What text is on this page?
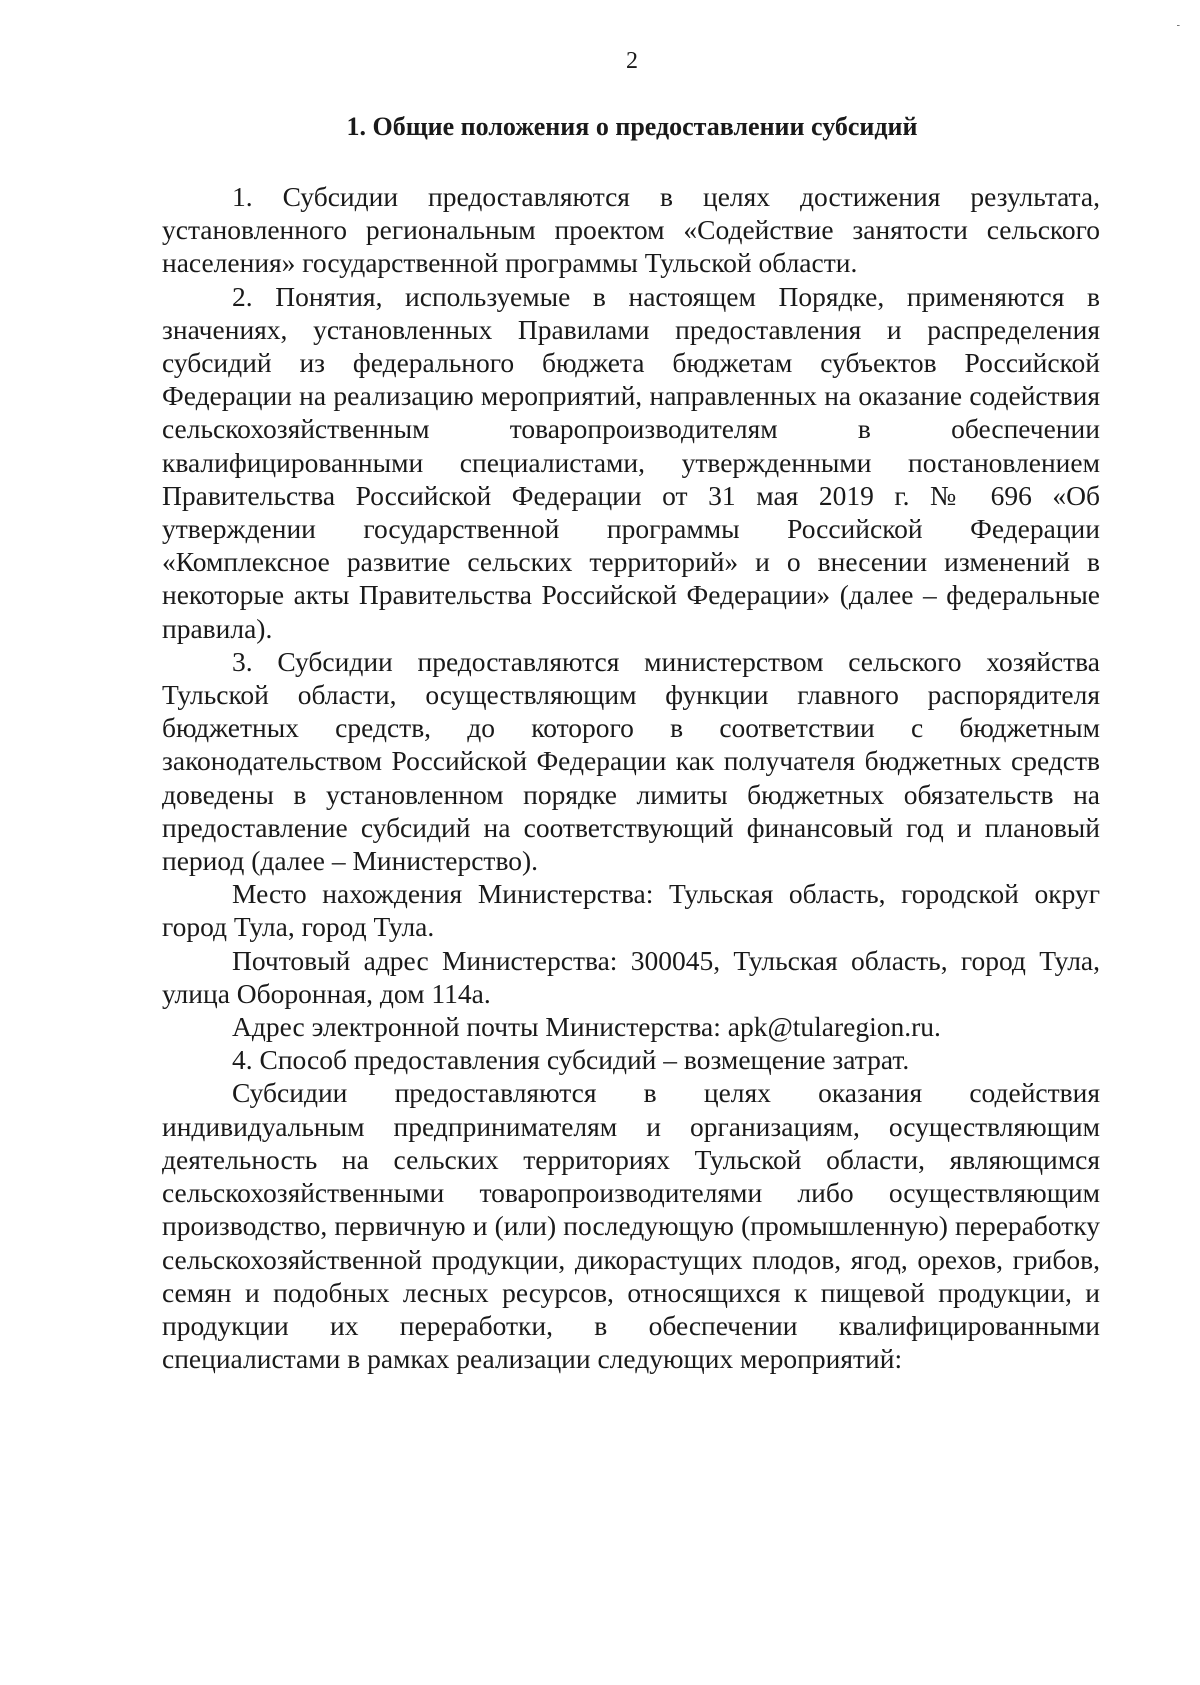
-
2
1. Общие положения о предоставлении субсидий

1. Субсидии предоставляются в целях достижения результата, установленного региональным проектом «Содействие занятости сельского населения» государственной программы Тульской области.

2. Понятия, используемые в настоящем Порядке, применяются в значениях, установленных Правилами предоставления и распределения субсидий из федерального бюджета бюджетам субъектов Российской Федерации на реализацию мероприятий, направленных на оказание содействия сельскохозяйственным товаропроизводителям в обеспечении квалифицированными специалистами, утвержденными постановлением Правительства Российской Федерации от 31 мая 2019 г. № 696 «Об утверждении государственной программы Российской Федерации «Комплексное развитие сельских территорий» и о внесении изменений в некоторые акты Правительства Российской Федерации» (далее – федеральные правила).

3. Субсидии предоставляются министерством сельского хозяйства Тульской области, осуществляющим функции главного распорядителя бюджетных средств, до которого в соответствии с бюджетным законодательством Российской Федерации как получателя бюджетных средств доведены в установленном порядке лимиты бюджетных обязательств на предоставление субсидий на соответствующий финансовый год и плановый период (далее – Министерство).

Место нахождения Министерства: Тульская область, городской округ город Тула, город Тула.

Почтовый адрес Министерства: 300045, Тульская область, город Тула, улица Оборонная, дом 114а.

Адрес электронной почты Министерства: apk@tularegion.ru.

4. Способ предоставления субсидий – возмещение затрат.

Субсидии предоставляются в целях оказания содействия индивидуальным предпринимателям и организациям, осуществляющим деятельность на сельских территориях Тульской области, являющимся сельскохозяйственными товаропроизводителями либо осуществляющим производство, первичную и (или) последующую (промышленную) переработку сельскохозяйственной продукции, дикорастущих плодов, ягод, орехов, грибов, семян и подобных лесных ресурсов, относящихся к пищевой продукции, и продукции их переработки, в обеспечении квалифицированными специалистами в рамках реализации следующих мероприятий:
